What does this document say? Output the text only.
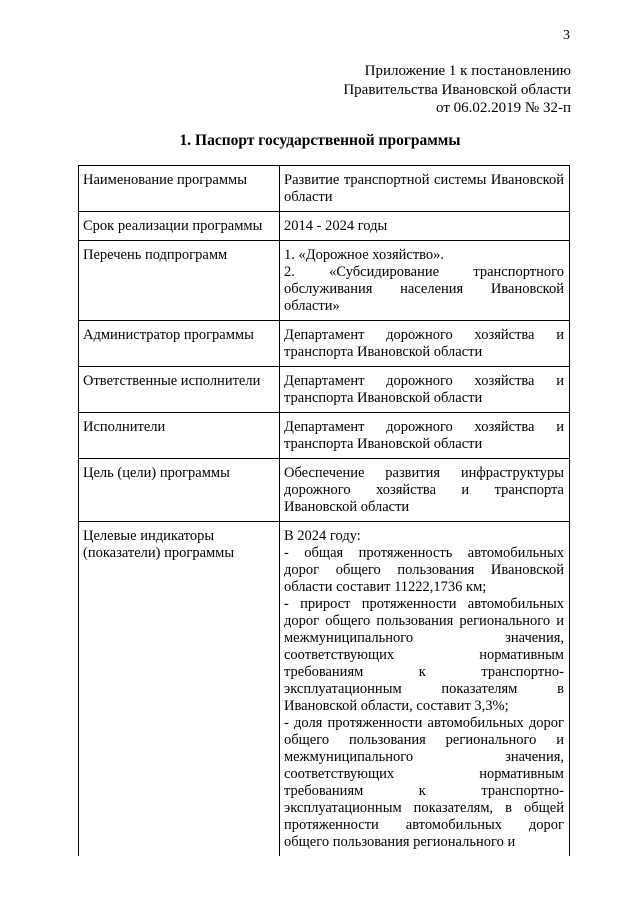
3
Приложение 1 к постановлению
Правительства Ивановской области
от 06.02.2019 № 32-п
1. Паспорт государственной программы
Наименование программы	Развитие транспортной системы Ивановской области

Срок реализации программы	2014 - 2024 годы

Перечень подпрограмм	1. «Дорожное хозяйство».
2. «Субсидирование транспортного обслуживания населения Ивановской области»

Администратор программы	Департамент дорожного хозяйства и транспорта Ивановской области

Ответственные исполнители	Департамент дорожного хозяйства и транспорта Ивановской области

Исполнители	Департамент дорожного хозяйства и транспорта Ивановской области

Цель (цели) программы	Обеспечение развития инфраструктуры дорожного хозяйства и транспорта Ивановской области

Целевые индикаторы (показатели) программы	В 2024 году:
- общая протяженность автомобильных дорог общего пользования Ивановской области составит 11222,1736 км;
- прирост протяженности автомобильных дорог общего пользования регионального и межмуниципального значения, соответствующих нормативным требованиям к транспортно-эксплуатационным показателям в Ивановской области, составит 3,3%;
- доля протяженности автомобильных дорог общего пользования регионального и межмуниципального значения, соответствующих нормативным требованиям к транспортно-эксплуатационным показателям, в общей протяженности автомобильных дорог общего пользования регионального и
